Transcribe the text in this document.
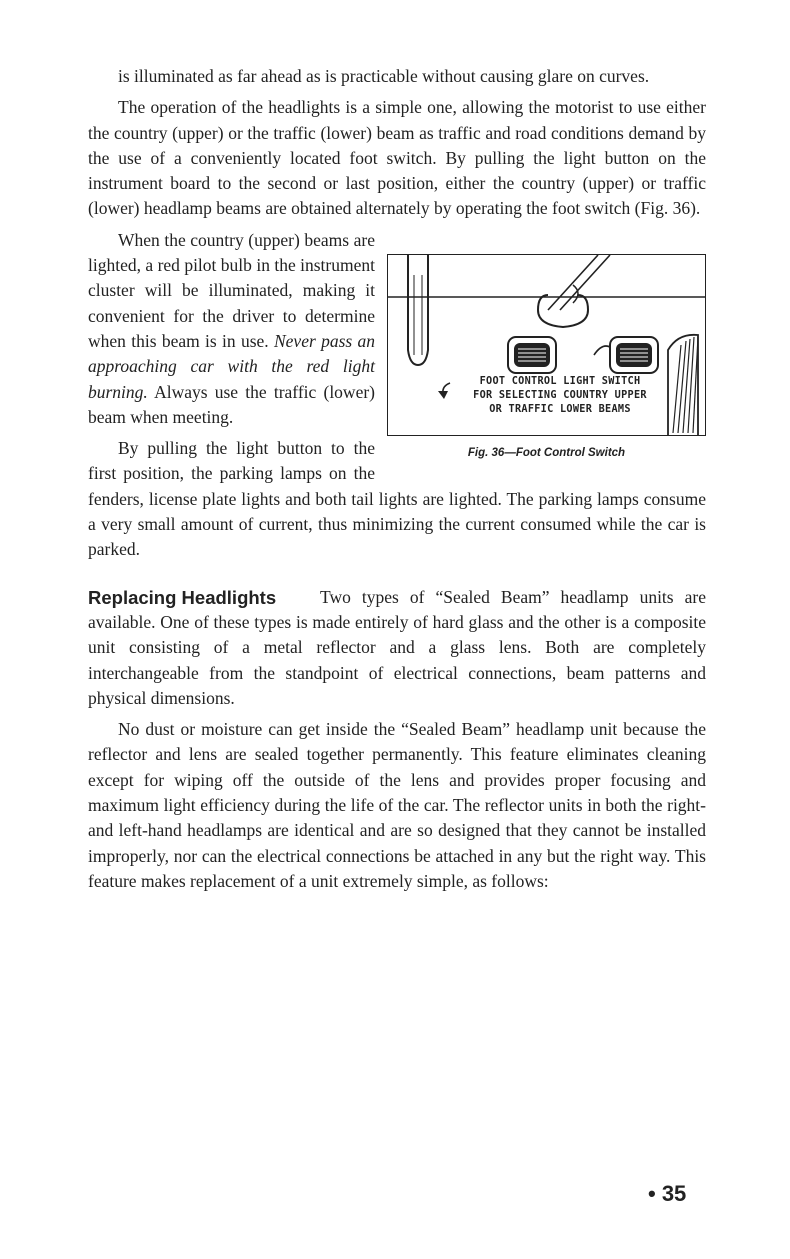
is illuminated as far ahead as is practicable without causing glare on curves.

The operation of the headlights is a simple one, allowing the motorist to use either the country (upper) or the traffic (lower) beam as traffic and road conditions demand by the use of a conveniently located foot switch. By pulling the light button on the instrument board to the second or last position, either the country (upper) or traffic (lower) headlamp beams are obtained alternately by operating the foot switch (Fig. 36).

FOOT CONTROL LIGHT SWITCH
FOR SELECTING COUNTRY UPPER
OR TRAFFIC LOWER BEAMS
Fig. 36—Foot Control Switch

When the country (upper) beams are lighted, a red pilot bulb in the instrument cluster will be illuminated, making it convenient for the driver to determine when this beam is in use. Never pass an approaching car with the red light burning. Always use the traffic (lower) beam when meeting.

By pulling the light button to the first position, the parking lamps on the fenders, license plate lights and both tail lights are lighted. The parking lamps consume a very small amount of current, thus minimizing the current consumed while the car is parked.

Replacing Headlights	Two types of “Sealed Beam” headlamp units are available. One of these types is made entirely of hard glass and the other is a composite unit consisting of a metal reflector and a glass lens. Both are completely interchangeable from the standpoint of electrical connections, beam patterns and physical dimensions.

No dust or moisture can get inside the “Sealed Beam” headlamp unit because the reflector and lens are sealed together permanently. This feature eliminates cleaning except for wiping off the outside of the lens and provides proper focusing and maximum light efficiency during the life of the car. The reflector units in both the right- and left-hand headlamps are identical and are so designed that they cannot be installed improperly, nor can the electrical connections be attached in any but the right way. This feature makes replacement of a unit extremely simple, as follows:

• 35
